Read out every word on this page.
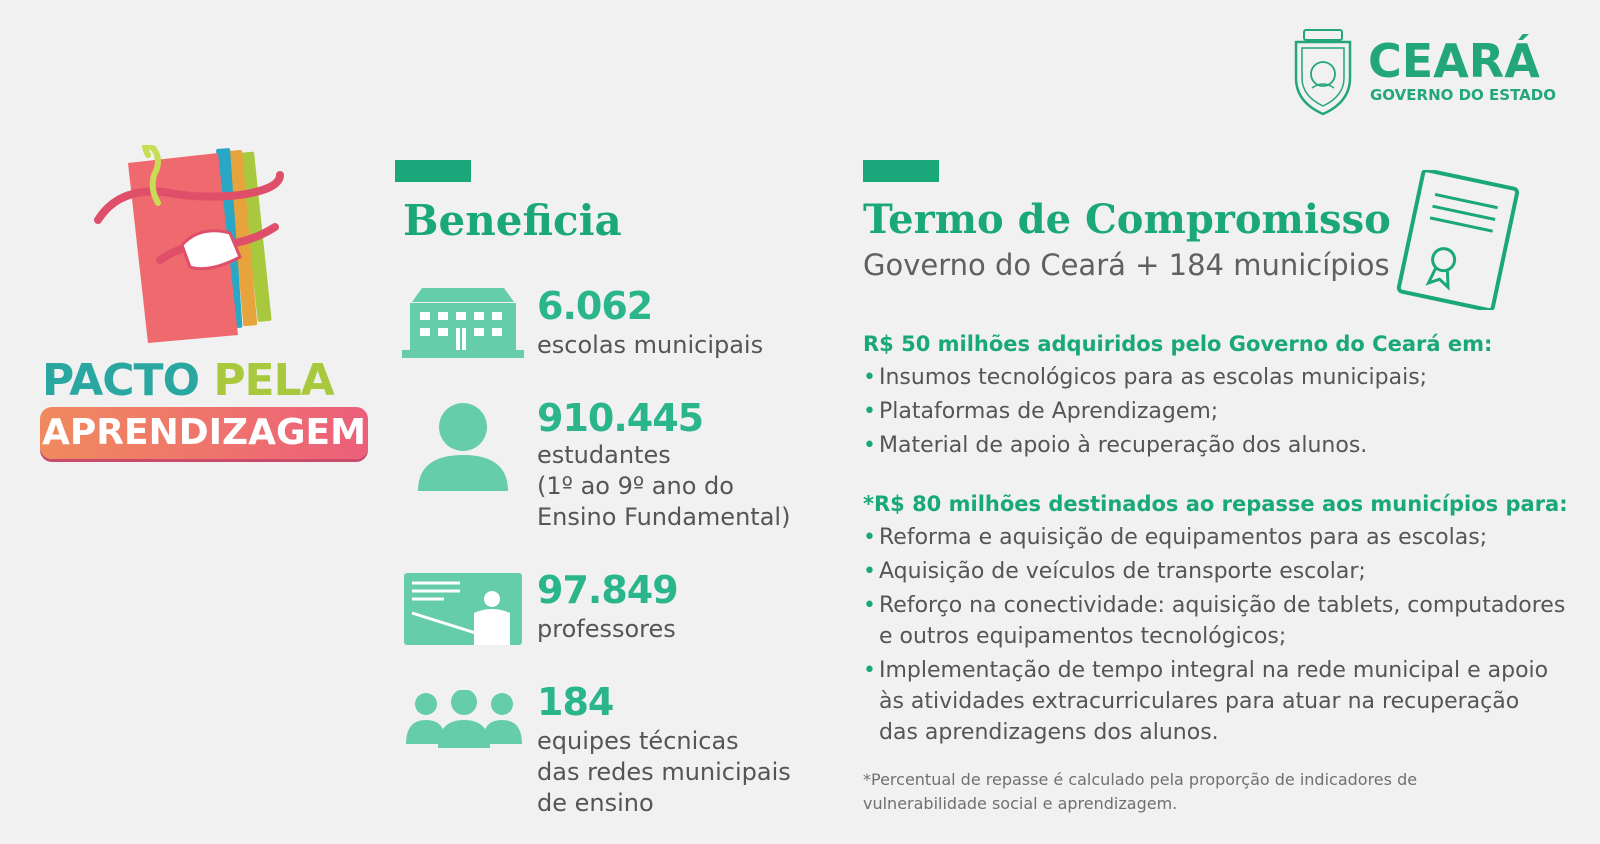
CEARÁ
GOVERNO DO ESTADO
PACTO PELA
APRENDIZAGEM
Beneficia
6.062
escolas municipais
910.445
estudantes
(1º ao 9º ano do
Ensino Fundamental)
97.849
professores
184
equipes técnicas
das redes municipais
de ensino
Termo de Compromisso
Governo do Ceará + 184 municípios
R$ 50 milhões adquiridos pelo Governo do Ceará em:
• Insumos tecnológicos para as escolas municipais;
• Plataformas de Aprendizagem;
• Material de apoio à recuperação dos alunos.
*R$ 80 milhões destinados ao repasse aos municípios para:
• Reforma e aquisição de equipamentos para as escolas;
• Aquisição de veículos de transporte escolar;
• Reforço na conectividade: aquisição de tablets, computadores
e outros equipamentos tecnológicos;
• Implementação de tempo integral na rede municipal e apoio
às atividades extracurriculares para atuar na recuperação
das aprendizagens dos alunos.
*Percentual de repasse é calculado pela proporção de indicadores de vulnerabilidade social e aprendizagem.
